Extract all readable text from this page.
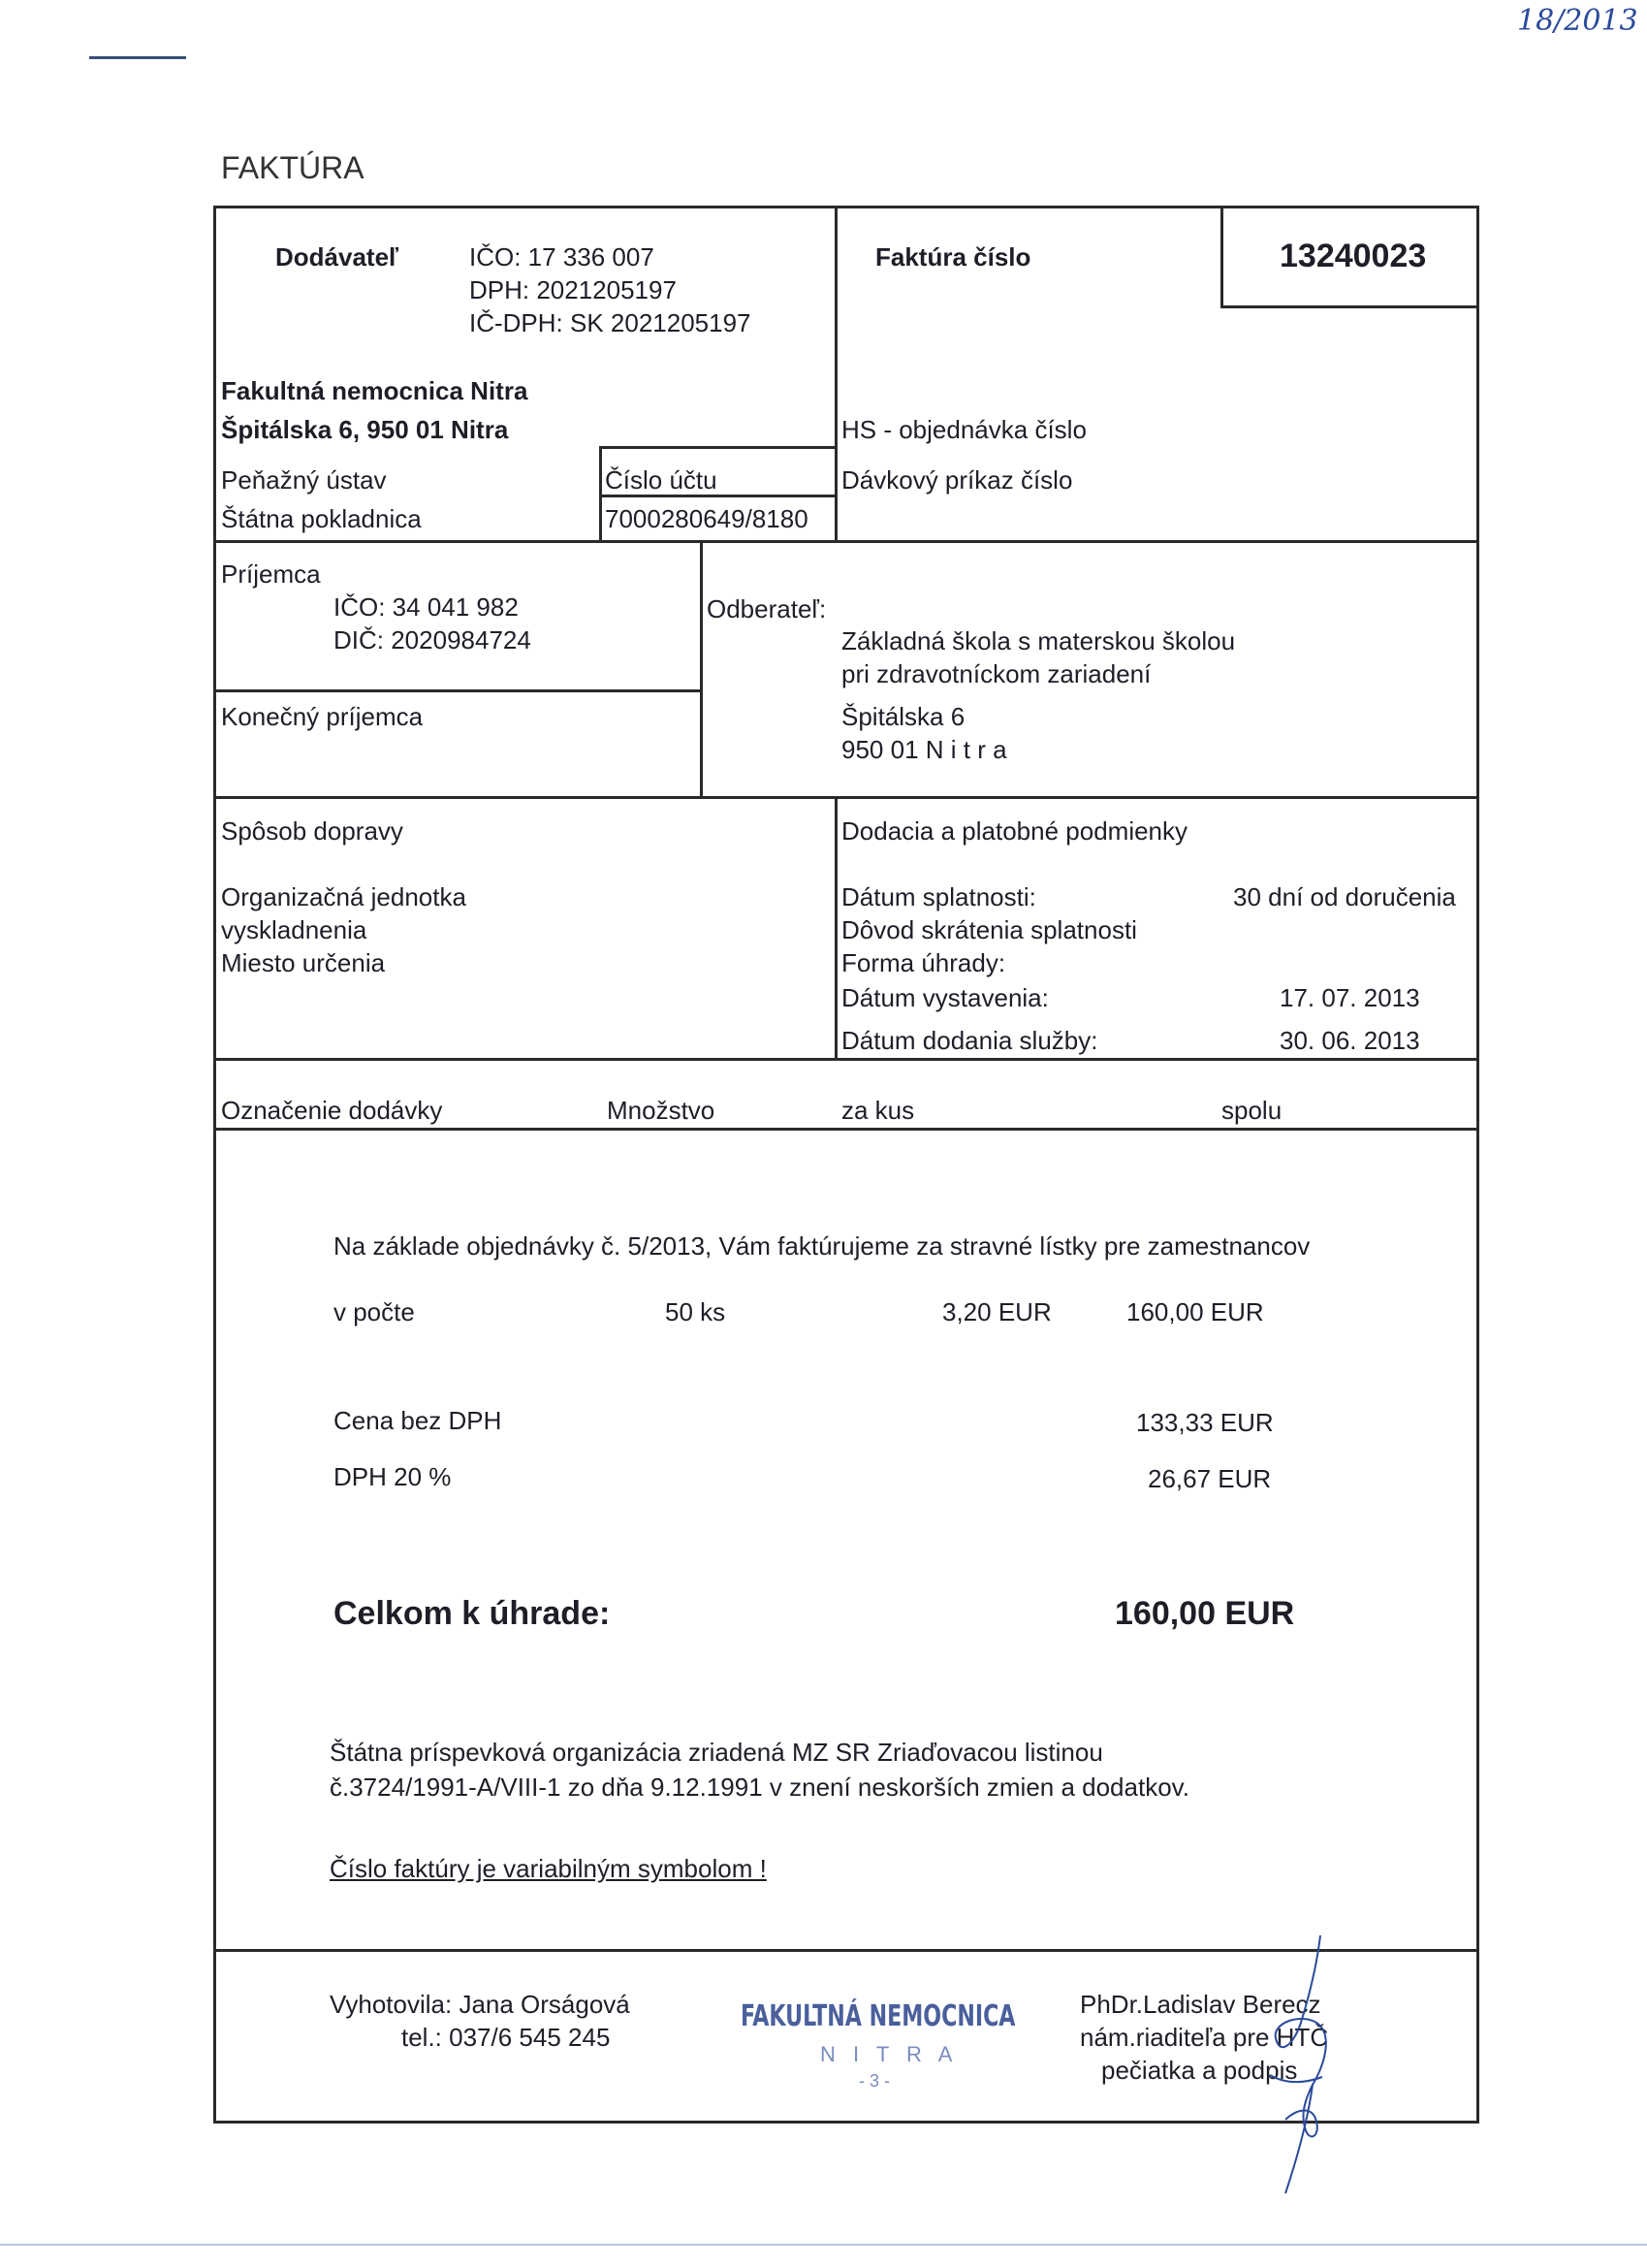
18/2013
FAKTÚRA
Dodávateľ	IČO: 17 336 007
DPH: 2021205197
IČ-DPH: SK 2021205197
Fakultná nemocnica Nitra
Špitálska 6, 950 01 Nitra
Peňažný ústav
Štátna pokladnica
Číslo účtu
7000280649/8180
Faktúra číslo	13240023
HS - objednávka číslo
Dávkový príkaz číslo
Príjemca
IČO: 34 041 982
DIČ: 2020984724
Konečný príjemca
Odberateľ:
Základná škola s materskou školou
pri zdravotníckom zariadení
Špitálska 6
950 01 N i t r a
Spôsob dopravy
Organizačná jednotka
vyskladnenia
Miesto určenia
Dodacia a platobné podmienky
Dátum splatnosti:	30 dní od doručenia
Dôvod skrátenia splatnosti
Forma úhrady:
Dátum vystavenia:	17. 07. 2013
Dátum dodania služby:	30. 06. 2013
Označenie dodávky	Množstvo	za kus	spolu
Na základe objednávky č. 5/2013, Vám faktúrujeme za stravné lístky pre zamestnancov
v počte	50 ks	3,20 EUR	160,00 EUR
Cena bez DPH	133,33 EUR
DPH 20 %	26,67 EUR
Celkom k úhrade:	160,00 EUR
Štátna príspevková organizácia zriadená MZ SR Zriaďovacou listinou
č.3724/1991-A/VIII-1 zo dňa 9.12.1991 v znení neskorších zmien a dodatkov.
Číslo faktúry je variabilným symbolom !
Vyhotovila: Jana Orságová
tel.: 037/6 545 245
FAKULTNÁ NEMOCNICA
N I T R A
- 3 -
PhDr.Ladislav Berecz
nám.riaditeľa pre HTČ
pečiatka a podpis
